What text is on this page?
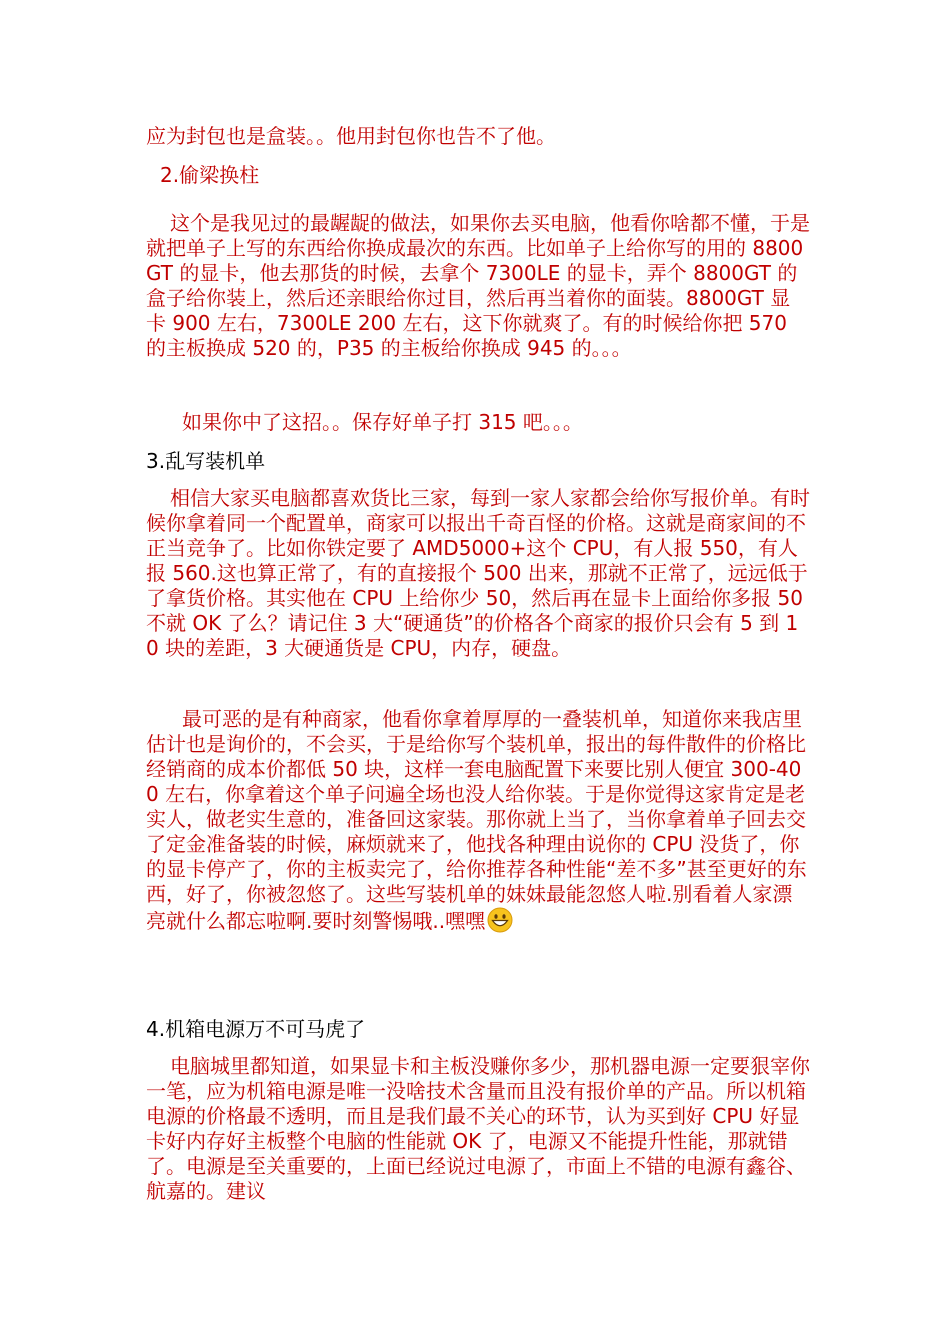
应为封包也是盒装。。他用封包你也告不了他。
2.偷梁换柱
这个是我见过的最龌龊的做法，如果你去买电脑，他看你啥都不懂，于是就把单子上写的东西给你换成最次的东西。比如单子上给你写的用的 8800GT 的显卡，他去那货的时候，去拿个 7300LE 的显卡，弄个 8800GT 的盒子给你装上，然后还亲眼给你过目，然后再当着你的面装。8800GT 显卡 900 左右，7300LE 200 左右，这下你就爽了。有的时候给你把 570 的主板换成 520 的，P35 的主板给你换成 945 的。。。
如果你中了这招。。保存好单子打 315 吧。。。
3.乱写装机单
相信大家买电脑都喜欢货比三家，每到一家人家都会给你写报价单。有时候你拿着同一个配置单，商家可以报出千奇百怪的价格。这就是商家间的不正当竞争了。比如你铁定要了 AMD5000+这个 CPU，有人报 550，有人报 560.这也算正常了，有的直接报个 500 出来，那就不正常了，远远低于了拿货价格。其实他在 CPU 上给你少 50，然后再在显卡上面给你多报 50 不就 OK 了么？请记住 3 大“硬通货”的价格各个商家的报价只会有 5 到 10 块的差距，3 大硬通货是 CPU，内存，硬盘。
最可恶的是有种商家，他看你拿着厚厚的一叠装机单，知道你来我店里估计也是询价的，不会买，于是给你写个装机单，报出的每件散件的价格比经销商的成本价都低 50 块，这样一套电脑配置下来要比别人便宜 300-400 左右，你拿着这个单子问遍全场也没人给你装。于是你觉得这家肯定是老实人，做老实生意的，准备回这家装。那你就上当了，当你拿着单子回去交了定金准备装的时候，麻烦就来了，他找各种理由说你的 CPU 没货了，你的显卡停产了，你的主板卖完了，给你推荐各种性能“差不多”甚至更好的东西，好了，你被忽悠了。这些写装机单的妹妹最能忽悠人啦.别看着人家漂亮就什么都忘啦啊.要时刻警惕哦..嘿嘿
4.机箱电源万不可马虎了
电脑城里都知道，如果显卡和主板没赚你多少，那机器电源一定要狠宰你一笔，应为机箱电源是唯一没啥技术含量而且没有报价单的产品。所以机箱电源的价格最不透明，而且是我们最不关心的环节，认为买到好 CPU 好显卡好内存好主板整个电脑的性能就 OK 了，电源又不能提升性能，那就错了。电源是至关重要的，上面已经说过电源了，市面上不错的电源有鑫谷、航嘉的。建议
